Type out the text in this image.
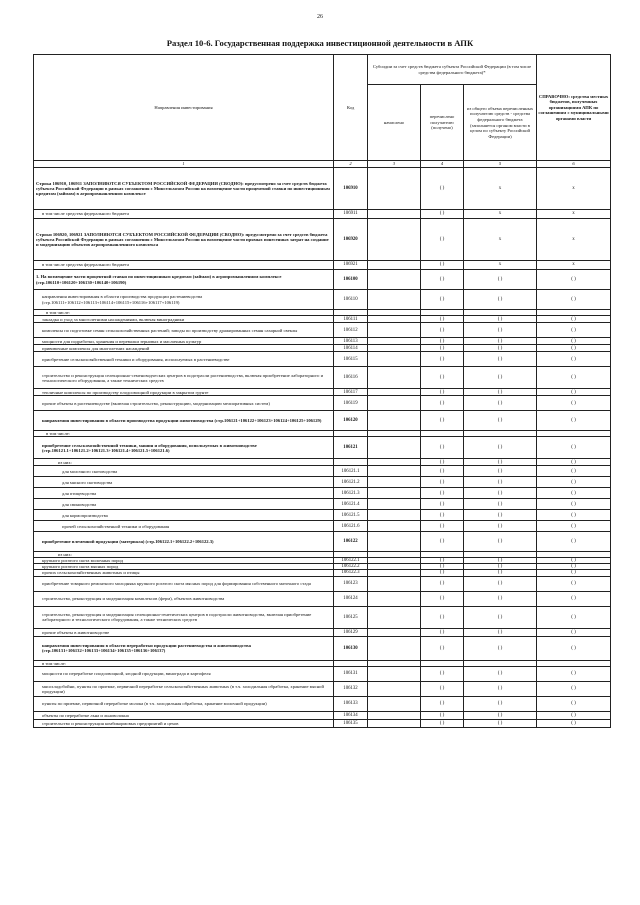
26
Раздел 10-6. Государственная поддержка инвестиционной деятельности в АПК
Направления инвестирования	Код	Субсидии за счет средств бюджета субъекта Российской Федерации (в том числе средства федерального бюджета)*			СПРАВОЧНО: средства местных бюджетов, полученных организациями АПК по соглашениям с муниципальными органами власти
		начислено	перечислено получателю (получено)	из общего объема перечисленных получателю средств - средства федерального бюджета (заполняется органом власти в целом по субъекту Российской Федерации)	
1	2	3	4	5	6
Строка 106910, 106911 ЗАПОЛНЯЮТСЯ СУБЪЕКТОМ РОССИЙСКОЙ ФЕДЕРАЦИИ (СВОДНО): предусмотрено за счет средств бюджета субъекта Российской Федерации в рамках соглашения с Минсельхозом России на возмещение части процентной ставки по инвестиционным кредитам (займам) в агропромышленном комплексе	106910		( )	x	x
в том числе средства федерального бюджета	106911		( )	x	x
Строки 106920, 106921 ЗАПОЛНЯЮТСЯ СУБЪЕКТОМ РОССИЙСКОЙ ФЕДЕРАЦИИ (СВОДНО): предусмотрено за счет средств бюджета субъекта Российской Федерации в рамках соглашения с Минсельхозом России на возмещение части прямых понесенных затрат на создание и модернизацию объектов агропромышленного комплекса	106920		( )	x	x
в том числе средства федерального бюджета	106921		( )	x	x
1. На возмещение части процентной ставки по инвестиционным кредитам (займам) в агропромышленном комплексе (стр.106110+106120+106130+106140+106190)	106100		( )	( )	( )
направления инвестирования в области производства продукции растениеводства (стр.106111+106112+106113+106114+106115+106116+106117+106119)	106110		( )	( )	( )
в том числе:					
закладка и уход за многолетними насаждениями, включая виноградники	106111		( )	( )	( )
комплексы по подготовке семян сельскохозяйственных растений; заводы по производству дражированных семян сахарной свеклы	106112		( )	( )	( )
мощности для подработки, хранения и перевалки зерновых и масличных культур	106113		( )	( )	( )
прививочные комплексы для многолетних насаждений	106114		( )	( )	( )
приобретение сельскохозяйственной техники и оборудования, используемых в растениеводстве	106115		( )	( )	( )
строительство и реконструкция селекционно-семеноводческих центров в подотрасли растениеводства, включая приобретение лабораторного и технологического оборудования, а также технических средств	106116		( )	( )	( )
тепличные комплексы по производству плодоовощной продукции в закрытом грунте	106117		( )	( )	( )
прочие объекты в растениеводстве (включая строительство, реконструкцию, модернизацию мелиоративных систем)	106119		( )	( )	( )
направления инвестирования в области производства продукции животноводства (стр.106121+106122+106123+106124+106125+106129)	106120		( )	( )	( )
в том числе:					
приобретение сельскохозяйственной техники, машин и оборудования, используемых в животноводстве (стр.106121.1+106121.2+106121.3+106121.4+106121.5+106121.6)	106121		( )	( )	( )
из них:			( )	( )	( )
для молочного скотоводства	106121.1		( )	( )	( )
для мясного скотоводства	106121.2		( )	( )	( )
для птицеводства	106121.3		( )	( )	( )
для свиноводства	106121.4		( )	( )	( )
для кормопроизводства	106121.5		( )	( )	( )
прочей сельскохозяйственной техники и оборудования	106121.6		( )	( )	( )
приобретение племенной продукции (материала) (стр.106122.1+106122.2+106122.3)	106122		( )	( )	( )
из них:					
крупного рогатого скота молочных пород	106122.1		( )	( )	( )
крупного рогатого скота мясных пород	106122.2		( )	( )	( )
прочих сельскохозяйственных животных и птицы	106122.3		( )	( )	( )
приобретение товарного ремонтного молодняка крупного рогатого скота мясных пород для формирования собственного маточного стада	106123		( )	( )	( )
строительство, реконструкция и модернизация комплексов (ферм), объектов животноводства	106124		( )	( )	( )
строительство, реконструкция и модернизация селекционно-генетических центров в подотрасли животноводства, включая приобретение лабораторного и технологического оборудования, а также технических средств	106125		( )	( )	( )
прочие объекты в животноводстве	106129		( )	( )	( )
направления инвестирования в области переработки продукции растениеводства и животноводства (стр.106131+106132+106133+106134+106135+106136+106137)	106130		( )	( )	( )
в том числе:					
мощности по переработке плодоовощной, ягодной продукции, винограда и картофеля	106131		( )	( )	( )
мясохладобойни, пункты по приемке, первичной переработке сельскохозяйственных животных (в т.ч. холодильная обработка, хранение мясной продукции)	106132		( )	( )	( )
пункты по приемке, первичной переработке молока (в т.ч. холодильная обработка, хранение молочной продукции)	106133		( )	( )	( )
объекты по переработке льна и льноволокна	106134		( )	( )	( )
строительство и реконструкция комбикормовых предприятий и цехов	106135		( )	( )	( )
